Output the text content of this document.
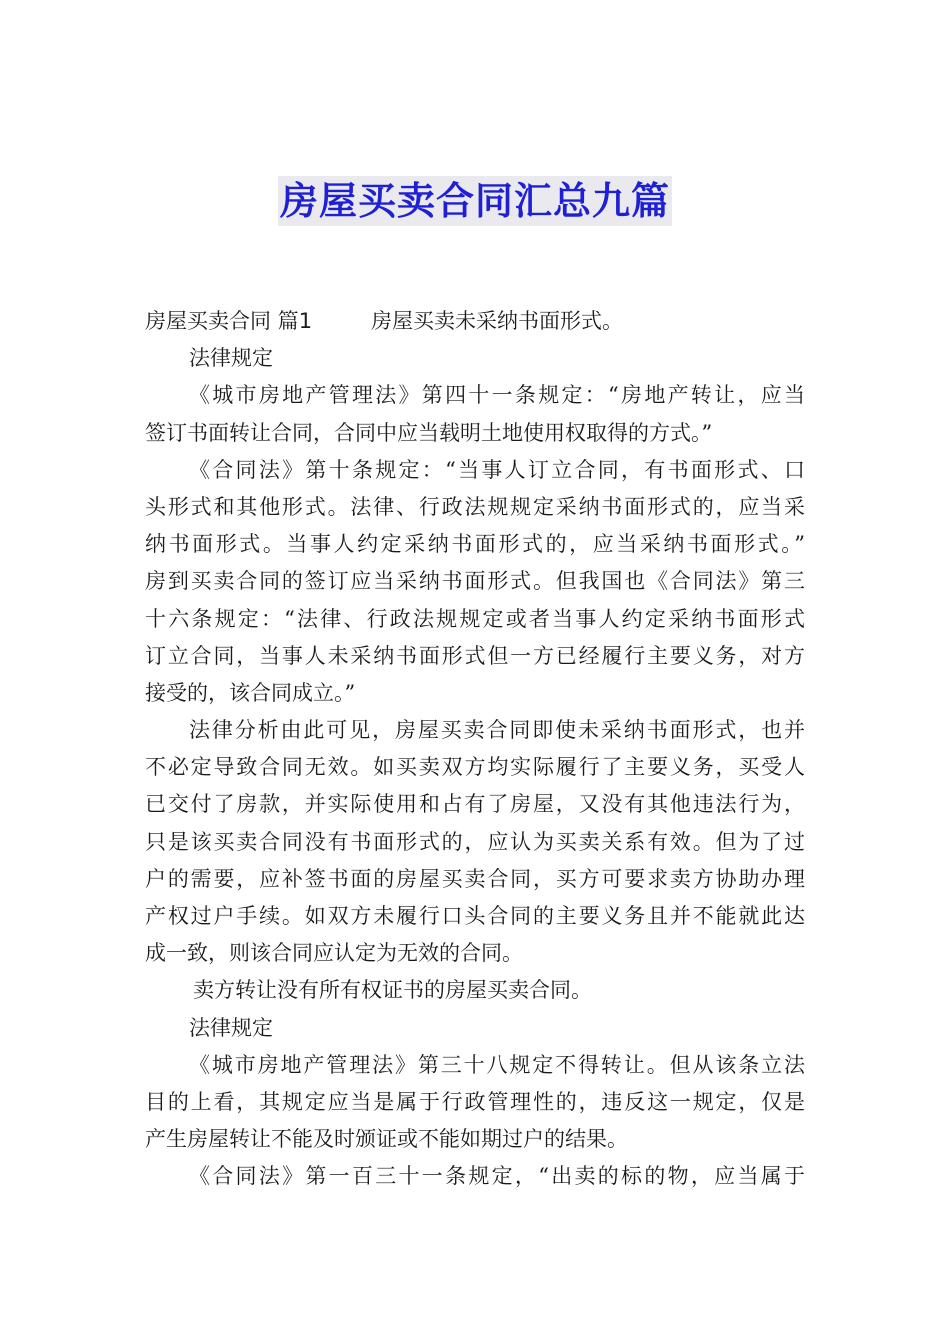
房屋买卖合同汇总九篇
房屋买卖合同 篇1	房屋买卖未采纳书面形式。
法律规定
《城市房地产管理法》第四十一条规定：“房地产转让，应当
签订书面转让合同，合同中应当载明土地使用权取得的方式。”
《合同法》第十条规定：“当事人订立合同，有书面形式、口
头形式和其他形式。法律、行政法规规定采纳书面形式的，应当采
纳书面形式。当事人约定采纳书面形式的，应当采纳书面形式。”
房到买卖合同的签订应当采纳书面形式。但我国也《合同法》第三
十六条规定：“法律、行政法规规定或者当事人约定采纳书面形式
订立合同，当事人未采纳书面形式但一方已经履行主要义务，对方
接受的，该合同成立。”
法律分析由此可见，房屋买卖合同即使未采纳书面形式，也并
不必定导致合同无效。如买卖双方均实际履行了主要义务，买受人
已交付了房款，并实际使用和占有了房屋，又没有其他违法行为，
只是该买卖合同没有书面形式的，应认为买卖关系有效。但为了过
户的需要，应补签书面的房屋买卖合同，买方可要求卖方协助办理
产权过户手续。如双方未履行口头合同的主要义务且并不能就此达
成一致，则该合同应认定为无效的合同。
卖方转让没有所有权证书的房屋买卖合同。
法律规定
《城市房地产管理法》第三十八规定不得转让。但从该条立法
目的上看，其规定应当是属于行政管理性的，违反这一规定，仅是
产生房屋转让不能及时颁证或不能如期过户的结果。
《合同法》第一百三十一条规定，“出卖的标的物，应当属于
